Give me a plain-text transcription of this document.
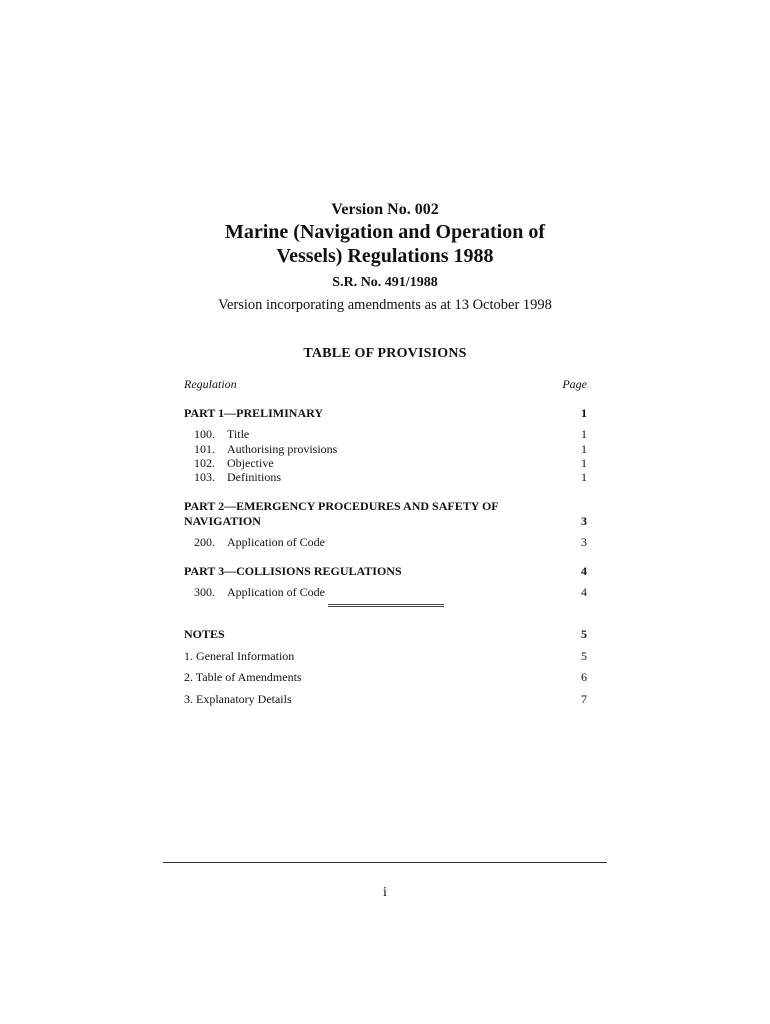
Version No. 002
Marine (Navigation and Operation of
Vessels) Regulations 1988
S.R. No. 491/1988
Version incorporating amendments as at 13 October 1998
TABLE OF PROVISIONS
Regulation	Page
PART 1—PRELIMINARY	1
100. Title	1
101. Authorising provisions	1
102. Objective	1
103. Definitions	1
PART 2—EMERGENCY PROCEDURES AND SAFETY OF NAVIGATION	3
200. Application of Code	3
PART 3—COLLISIONS REGULATIONS	4
300. Application of Code	4
NOTES	5
1. General Information	5
2. Table of Amendments	6
3. Explanatory Details	7
i
